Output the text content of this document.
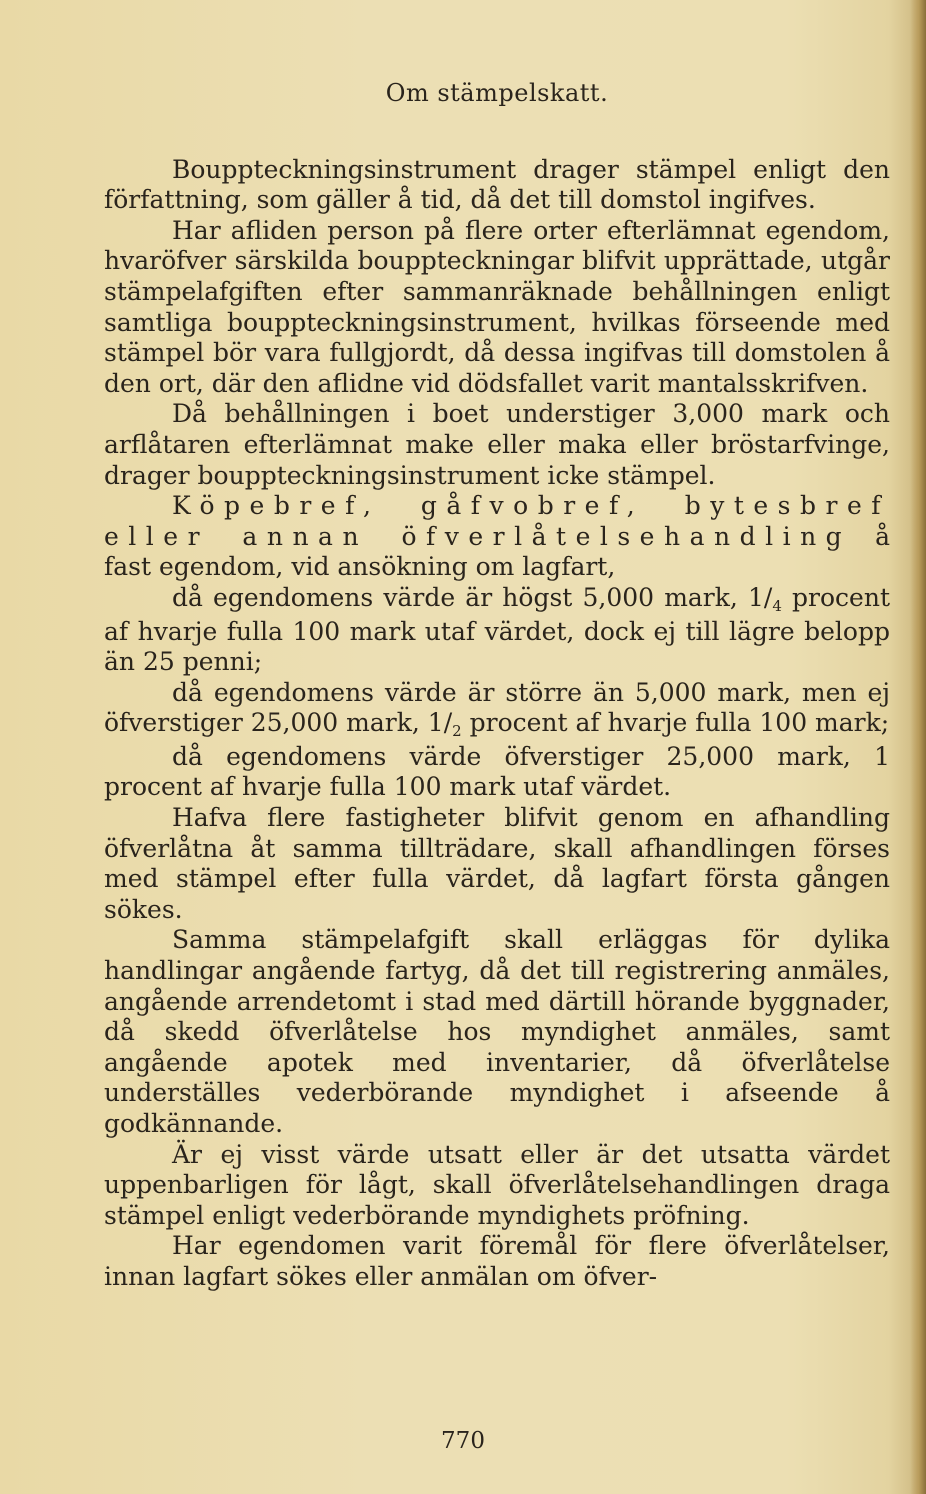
Om stämpelskatt.

Bouppteckningsinstrument drager stämpel enligt den författning, som gäller å tid, då det till domstol ingifves.

Har afliden person på flere orter efterlämnat egendom, hvaröfver särskilda bouppteckningar blifvit upprättade, utgår stämpelafgiften efter sammanräknade behållningen enligt samtliga bouppteckningsinstrument, hvilkas förseende med stämpel bör vara fullgjordt, då dessa ingifvas till domstolen å den ort, där den aflidne vid dödsfallet varit mantalsskrifven.

Då behållningen i boet understiger 3,000 mark och arflåtaren efterlämnat make eller maka eller bröstarfvinge, drager bouppteckningsinstrument icke stämpel.

Köpebref, gåfvobref, bytesbref eller annan öfverlåtelsehandling å fast egendom, vid ansökning om lagfart,

då egendomens värde är högst 5,000 mark, $1/_4$ procent af hvarje fulla 100 mark utaf värdet, dock ej till lägre belopp än 25 penni;

då egendomens värde är större än 5,000 mark, men ej öfverstiger 25,000 mark, $1/_2$ procent af hvarje fulla 100 mark;

då egendomens värde öfverstiger 25,000 mark, 1 procent af hvarje fulla 100 mark utaf värdet.

Hafva flere fastigheter blifvit genom en afhandling öfverlåtna åt samma tillträdare, skall afhandlingen förses med stämpel efter fulla värdet, då lagfart första gången sökes.

Samma stämpelafgift skall erläggas för dylika handlingar angående fartyg, då det till registrering anmäles, angående arrendetomt i stad med därtill hörande byggnader, då skedd öfverlåtelse hos myndighet anmäles, samt angående apotek med inventarier, då öfverlåtelse underställes vederbörande myndighet i afseende å godkännande.

Är ej visst värde utsatt eller är det utsatta värdet uppenbarligen för lågt, skall öfverlåtelsehandlingen draga stämpel enligt vederbörande myndighets pröfning.

Har egendomen varit föremål för flere öfverlåtelser, innan lagfart sökes eller anmälan om öfver-

770
